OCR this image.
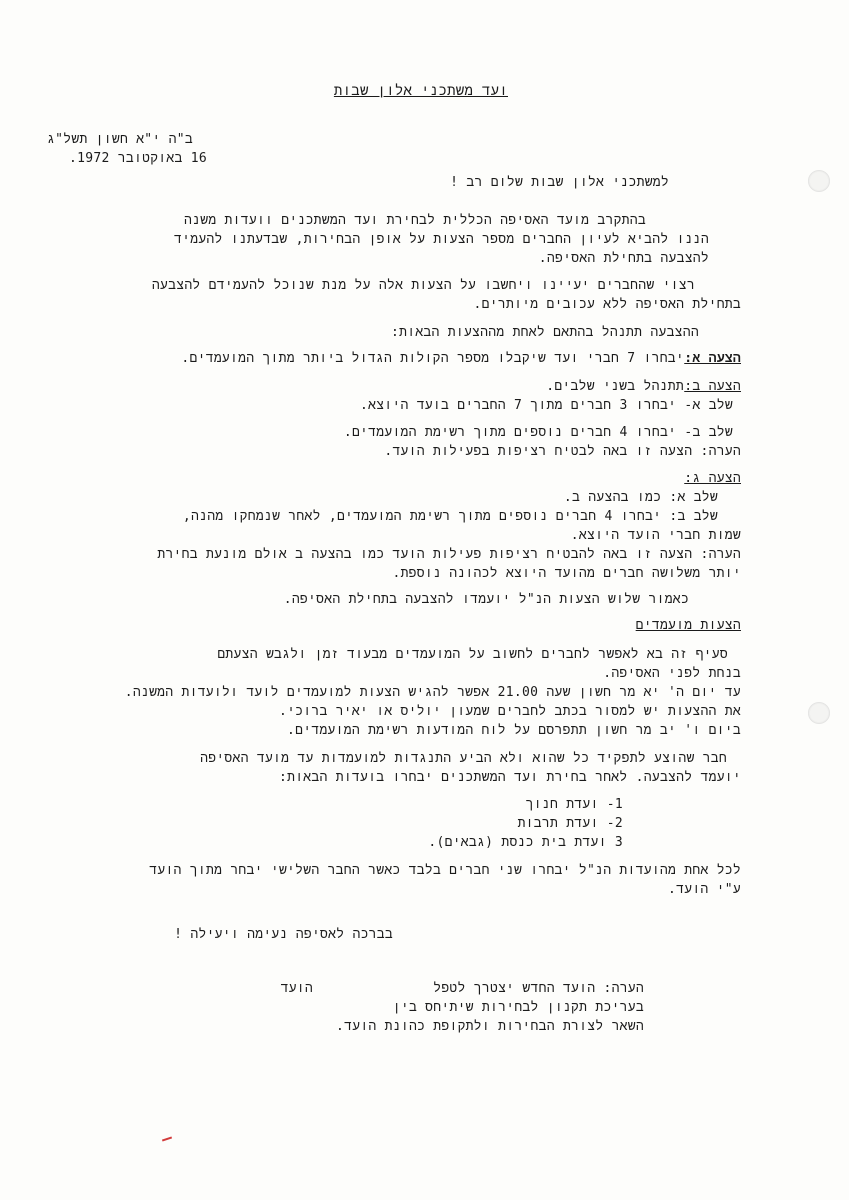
ועד משתכני אלון שבות
ב"ה י"א חשון תשל"ג
16 באוקטובר 1972.
למשתכני אלון שבות שלום רב !
בהתקרב מועד האסיפה הכללית לבחירת ועד המשתכנים וועדות משנה
הננו להביא לעיון החברים מספר הצעות על אופן הבחירות, שבדעתנו להעמיד
להצבעה בתחילת האסיפה.
רצוי שהחברים יעיינו ויחשבו על הצעות אלה על מנת שנוכל להעמידם להצבעה
בתחילת האסיפה ללא עכובים מיותרים.
ההצבעה תתנהל בהתאם לאחת מההצעות הבאות:
הצעה א:
יבחרו 7 חברי ועד שיקבלו מספר הקולות הגדול ביותר מתוך המועמדים.
הצעה ב:
תתנהל בשני שלבים.
שלב א- יבחרו 3 חברים מתוך 7 החברים בועד היוצא.
שלב ב- יבחרו 4 חברים נוספים מתוך רשימת המועמדים.
הערה: הצעה זו באה לבטיח רציפות בפעילות הועד.
הצעה ג:
שלב א: כמו בהצעה ב.
שלב ב: יבחרו 4 חברים נוספים מתוך רשימת המועמדים, לאחר שנמחקו מהנה,
שמות חברי הועד היוצא.
הערה: הצעה זו באה להבטיח רציפות פעילות הועד כמו בהצעה ב אולם מונעת בחירת
יותר משלושה חברים מהועד היוצא לכהונה נוספת.
כאמור שלוש הצעות הנ"ל יועמדו להצבעה בתחילת האסיפה.
הצעות מועמדים
סעיף זה בא לאפשר לחברים לחשוב על המועמדים מבעוד זמן ולגבש הצעתם
בנחת לפני האסיפה.
עד יום ה' יא מר חשון שעה 21.00 אפשר להגיש הצעות למועמדים לועד ולועדות המשנה.
את ההצעות יש למסור בכתב לחברים שמעון יוליס או יאיר ברוכי.
ביום ו' יב מר חשון תתפרסם על לוח המודעות רשימת המועמדים.
חבר שהוצע לתפקיד כל שהוא ולא הביע התנגדות למועמדות עד מועד האסיפה
יועמד להצבעה. לאחר בחירת ועד המשתכנים יבחרו בועדות הבאות:
1- ועדת חנוך
2- ועדת תרבות
3 ועדת בית כנסת (גבאים).
לכל אחת מהועדות הנ"ל יבחרו שני חברים בלבד כאשר החבר השלישי יבחר מתוך הועד
ע"י הועד.
בברכה לאסיפה נעימה ויעילה !
הועד	הערה: הועד החדש יצטרך לטפל
בעריכת תקנון לבחירות שיתיחס בין
השאר לצורת הבחירות ולתקופת כהונת הועד.
